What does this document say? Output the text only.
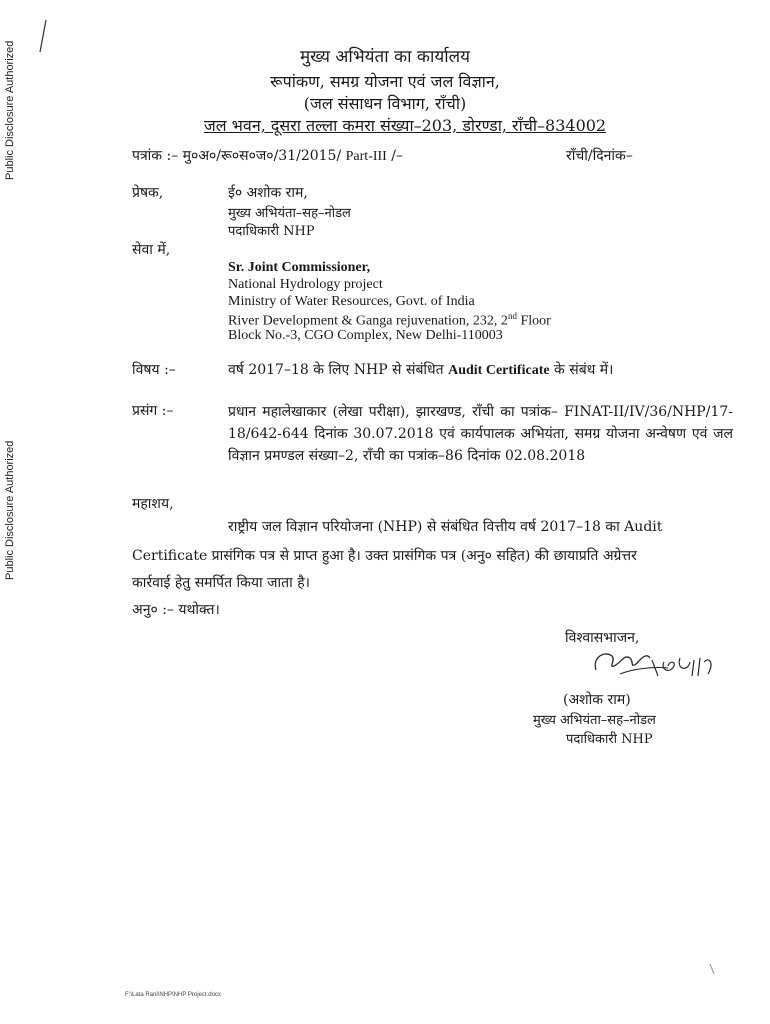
Public Disclosure Authorized
Public Disclosure Authorized
मुख्य अभियंता का कार्यालय
रूपांकण, समग्र योजना एवं जल विज्ञान,
(जल संसाधन विभाग, राँची)
जल भवन, दूसरा तल्ला कमरा संख्या–203, डोरण्डा, राँची–834002
पत्रांक :– मु०अ०/रू०स०ज०/31/2015/ Part-III /–	राँची/दिनांक–
प्रेषक,	ई० अशोक राम,
मुख्य अभियंता–सह–नोडल
पदाधिकारी NHP
सेवा में,
Sr. Joint Commissioner,
National Hydrology project
Ministry of Water Resources, Govt. of India
River Development & Ganga rejuvenation, 232, 2nd Floor
Block No.-3, CGO Complex, New Delhi-110003
विषय :–	वर्ष 2017–18 के लिए NHP से संबंधित Audit Certificate के संबंध में।
प्रसंग :–	प्रधान महालेखाकार (लेखा परीक्षा), झारखण्ड, राँची का पत्रांक– FINAT-II/IV/36/NHP/17-18/642-644 दिनांक 30.07.2018 एवं कार्यपालक अभियंता, समग्र योजना अन्वेषण एवं जल विज्ञान प्रमण्डल संख्या–2, राँची का पत्रांक–86 दिनांक 02.08.2018
महाशय,
राष्ट्रीय जल विज्ञान परियोजना (NHP) से संबंधित वित्तीय वर्ष 2017–18 का Audit
Certificate प्रासंगिक पत्र से प्राप्त हुआ है। उक्त प्रासंगिक पत्र (अनु० सहित) की छायाप्रति अग्रेत्तर
कार्रवाई हेतु समर्पित किया जाता है।
अनु० :– यथोक्त।
विश्वासभाजन,
(अशोक राम)
मुख्य अभियंता–सह–नोडल
पदाधिकारी NHP
F:\Lata Rani\NHP\NHP Project.docx
